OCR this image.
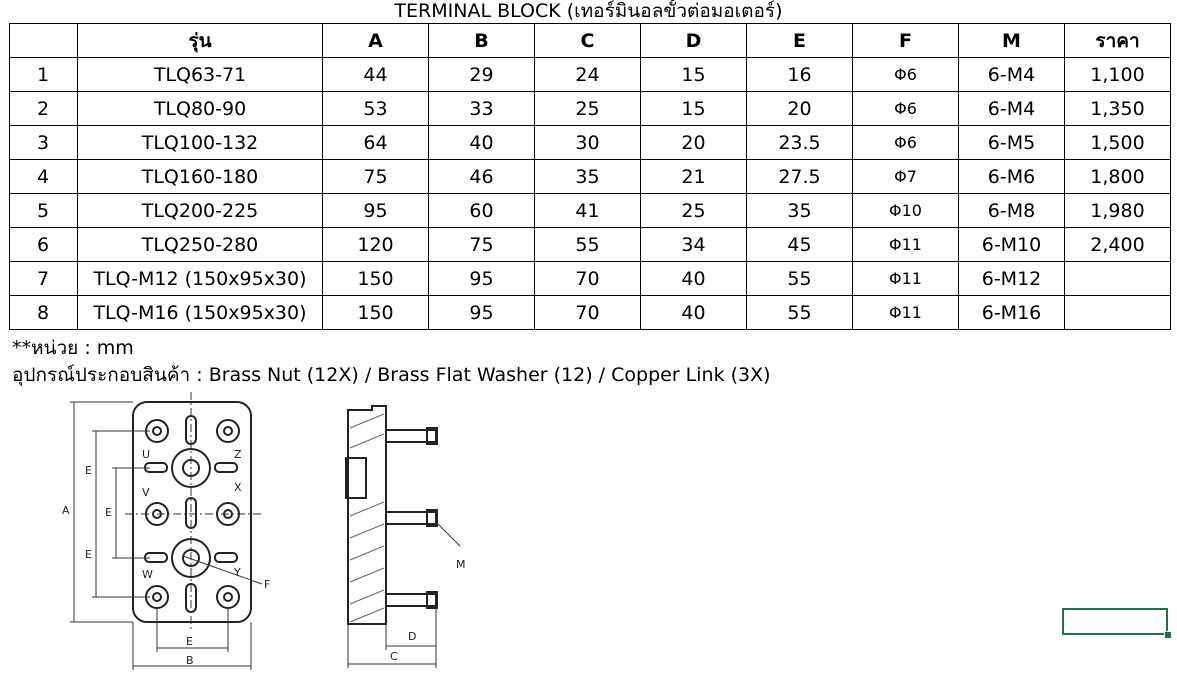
TERMINAL BLOCK (เทอร์มินอลขั้วต่อมอเตอร์)
	รุ่น	A	B	C	D	E	F	M	ราคา
1	TLQ63-71	44	29	24	15	16	Φ6	6-M4	1,100
2	TLQ80-90	53	33	25	15	20	Φ6	6-M4	1,350
3	TLQ100-132	64	40	30	20	23.5	Φ6	6-M5	1,500
4	TLQ160-180	75	46	35	21	27.5	Φ7	6-M6	1,800
5	TLQ200-225	95	60	41	25	35	Φ10	6-M8	1,980
6	TLQ250-280	120	75	55	34	45	Φ11	6-M10	2,400
7	TLQ-M12 (150x95x30)	150	95	70	40	55	Φ11	6-M12	
8	TLQ-M16 (150x95x30)	150	95	70	40	55	Φ11	6-M16	
**หน่วย : mm
อุปกรณ์ประกอบสินค้า : Brass Nut (12X) / Brass Flat Washer (12) / Copper Link (3X)
A
E
E
E
E
B
F
U
V
W
Z
X
Y
M
D
C
